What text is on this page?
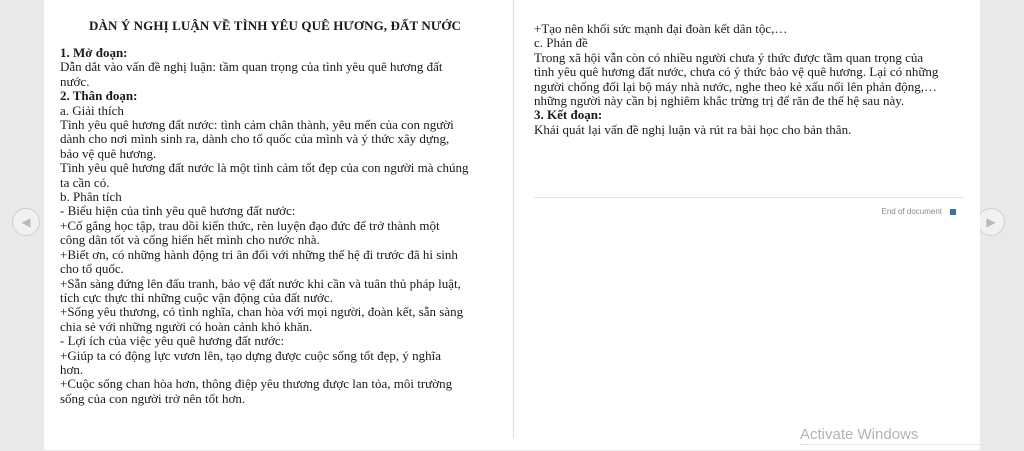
◀	▶

DÀN Ý NGHỊ LUẬN VỀ TÌNH YÊU QUÊ HƯƠNG, ĐẤT NƯỚC

1. Mở đoạn:

Dẫn dắt vào vấn đề nghị luận: tầm quan trọng của tình yêu quê hương đất

nước.

2. Thân đoạn:

a. Giải thích

Tình yêu quê hương đất nước: tình cảm chân thành, yêu mến của con người

dành cho nơi mình sinh ra, dành cho tổ quốc của mình và ý thức xây dựng,

bảo vệ quê hương.

Tình yêu quê hương đất nước là một tình cảm tốt đẹp của con người mà chúng

ta cần có.

b. Phân tích

- Biểu hiện của tình yêu quê hương đất nước:

+Cố gắng học tập, trau dồi kiến thức, rèn luyện đạo đức để trở thành một

công dân tốt và cống hiến hết mình cho nước nhà.

+Biết ơn, có những hành động tri ân đối với những thế hệ đi trước đã hi sinh

cho tổ quốc.

+Sẵn sàng đứng lên đấu tranh, bảo vệ đất nước khi cần và tuân thủ pháp luật,

tích cực thực thi những cuộc vận động của đất nước.

+Sống yêu thương, có tình nghĩa, chan hòa với mọi người, đoàn kết, sẵn sàng

chia sẻ với những người có hoàn cảnh khó khăn.

- Lợi ích của việc yêu quê hương đất nước:

+Giúp ta có động lực vươn lên, tạo dựng được cuộc sống tốt đẹp, ý nghĩa

hơn.

+Cuộc sống chan hòa hơn, thông điệp yêu thương được lan tỏa, môi trường

sống của con người trở nên tốt hơn.

+Tạo nên khối sức mạnh đại đoàn kết dân tộc,…

c. Phản đề

Trong xã hội vẫn còn có nhiều người chưa ý thức được tầm quan trọng của

tình yêu quê hương đất nước, chưa có ý thức bảo vệ quê hương. Lại có những

người chống đối lại bộ máy nhà nước, nghe theo kẻ xấu nổi lên phản động,…

những người này cần bị nghiêm khắc trừng trị để răn đe thế hệ sau này.

3. Kết đoạn:

Khái quát lại vấn đề nghị luận và rút ra bài học cho bản thân.

End of document
Activate Windows
